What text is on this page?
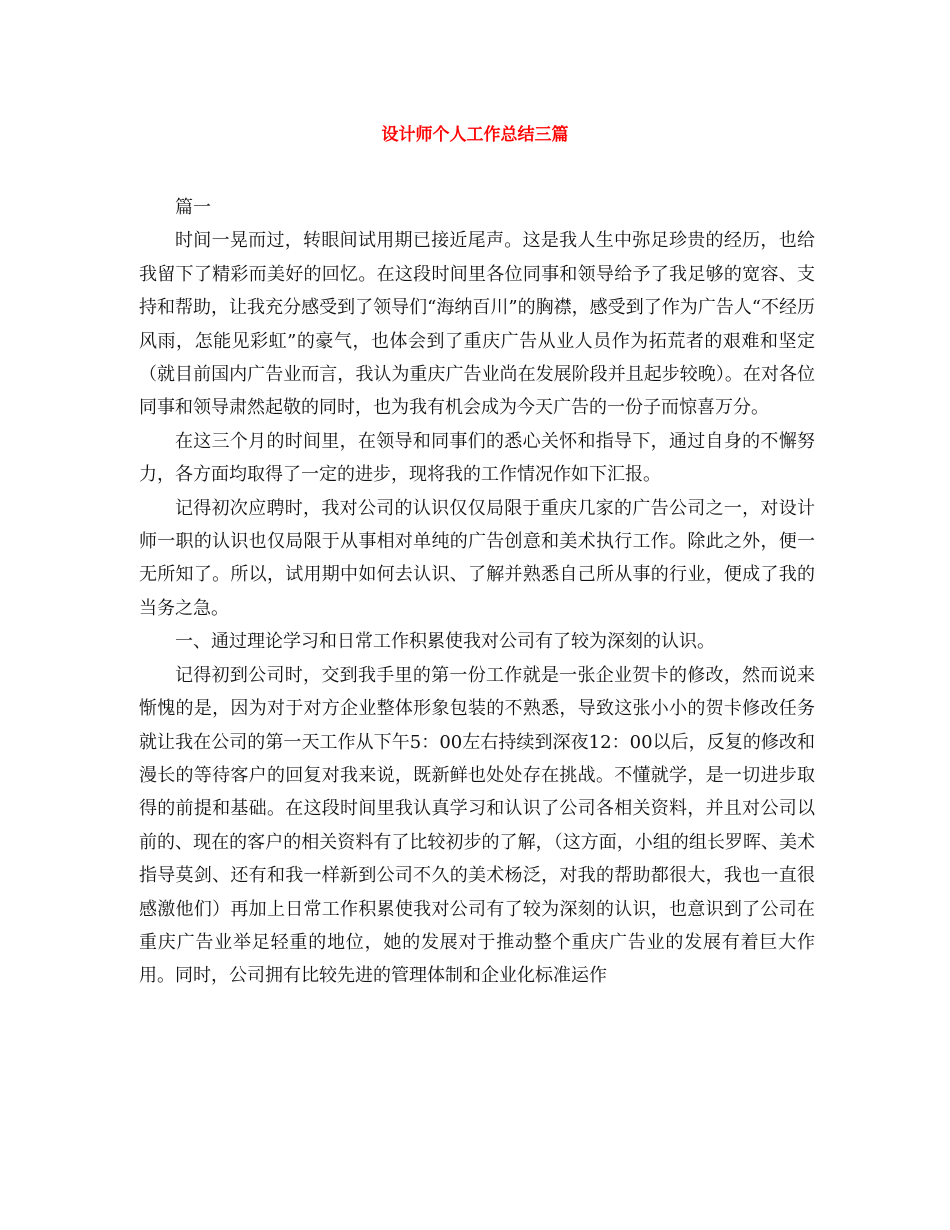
设计师个人工作总结三篇

篇一

时间一晃而过，转眼间试用期已接近尾声。这是我人生中弥足珍贵的经历，也给我留下了精彩而美好的回忆。在这段时间里各位同事和领导给予了我足够的宽容、支持和帮助，让我充分感受到了领导们“海纳百川”的胸襟，感受到了作为广告人“不经历风雨，怎能见彩虹”的豪气，也体会到了重庆广告从业人员作为拓荒者的艰难和坚定（就目前国内广告业而言，我认为重庆广告业尚在发展阶段并且起步较晚）。在对各位同事和领导肃然起敬的同时，也为我有机会成为今天广告的一份子而惊喜万分。

在这三个月的时间里，在领导和同事们的悉心关怀和指导下，通过自身的不懈努力，各方面均取得了一定的进步，现将我的工作情况作如下汇报。

记得初次应聘时，我对公司的认识仅仅局限于重庆几家的广告公司之一，对设计师一职的认识也仅局限于从事相对单纯的广告创意和美术执行工作。除此之外，便一无所知了。所以，试用期中如何去认识、了解并熟悉自己所从事的行业，便成了我的当务之急。

一、通过理论学习和日常工作积累使我对公司有了较为深刻的认识。

记得初到公司时，交到我手里的第一份工作就是一张企业贺卡的修改，然而说来惭愧的是，因为对于对方企业整体形象包装的不熟悉，导致这张小小的贺卡修改任务就让我在公司的第一天工作从下午5：00左右持续到深夜12：00以后，反复的修改和漫长的等待客户的回复对我来说，既新鲜也处处存在挑战。不懂就学，是一切进步取得的前提和基础。在这段时间里我认真学习和认识了公司各相关资料，并且对公司以前的、现在的客户的相关资料有了比较初步的了解，（这方面，小组的组长罗晖、美术指导莫剑、还有和我一样新到公司不久的美术杨泛，对我的帮助都很大，我也一直很感激他们）再加上日常工作积累使我对公司有了较为深刻的认识，也意识到了公司在重庆广告业举足轻重的地位，她的发展对于推动整个重庆广告业的发展有着巨大作用。同时，公司拥有比较先进的管理体制和企业化标准运作
